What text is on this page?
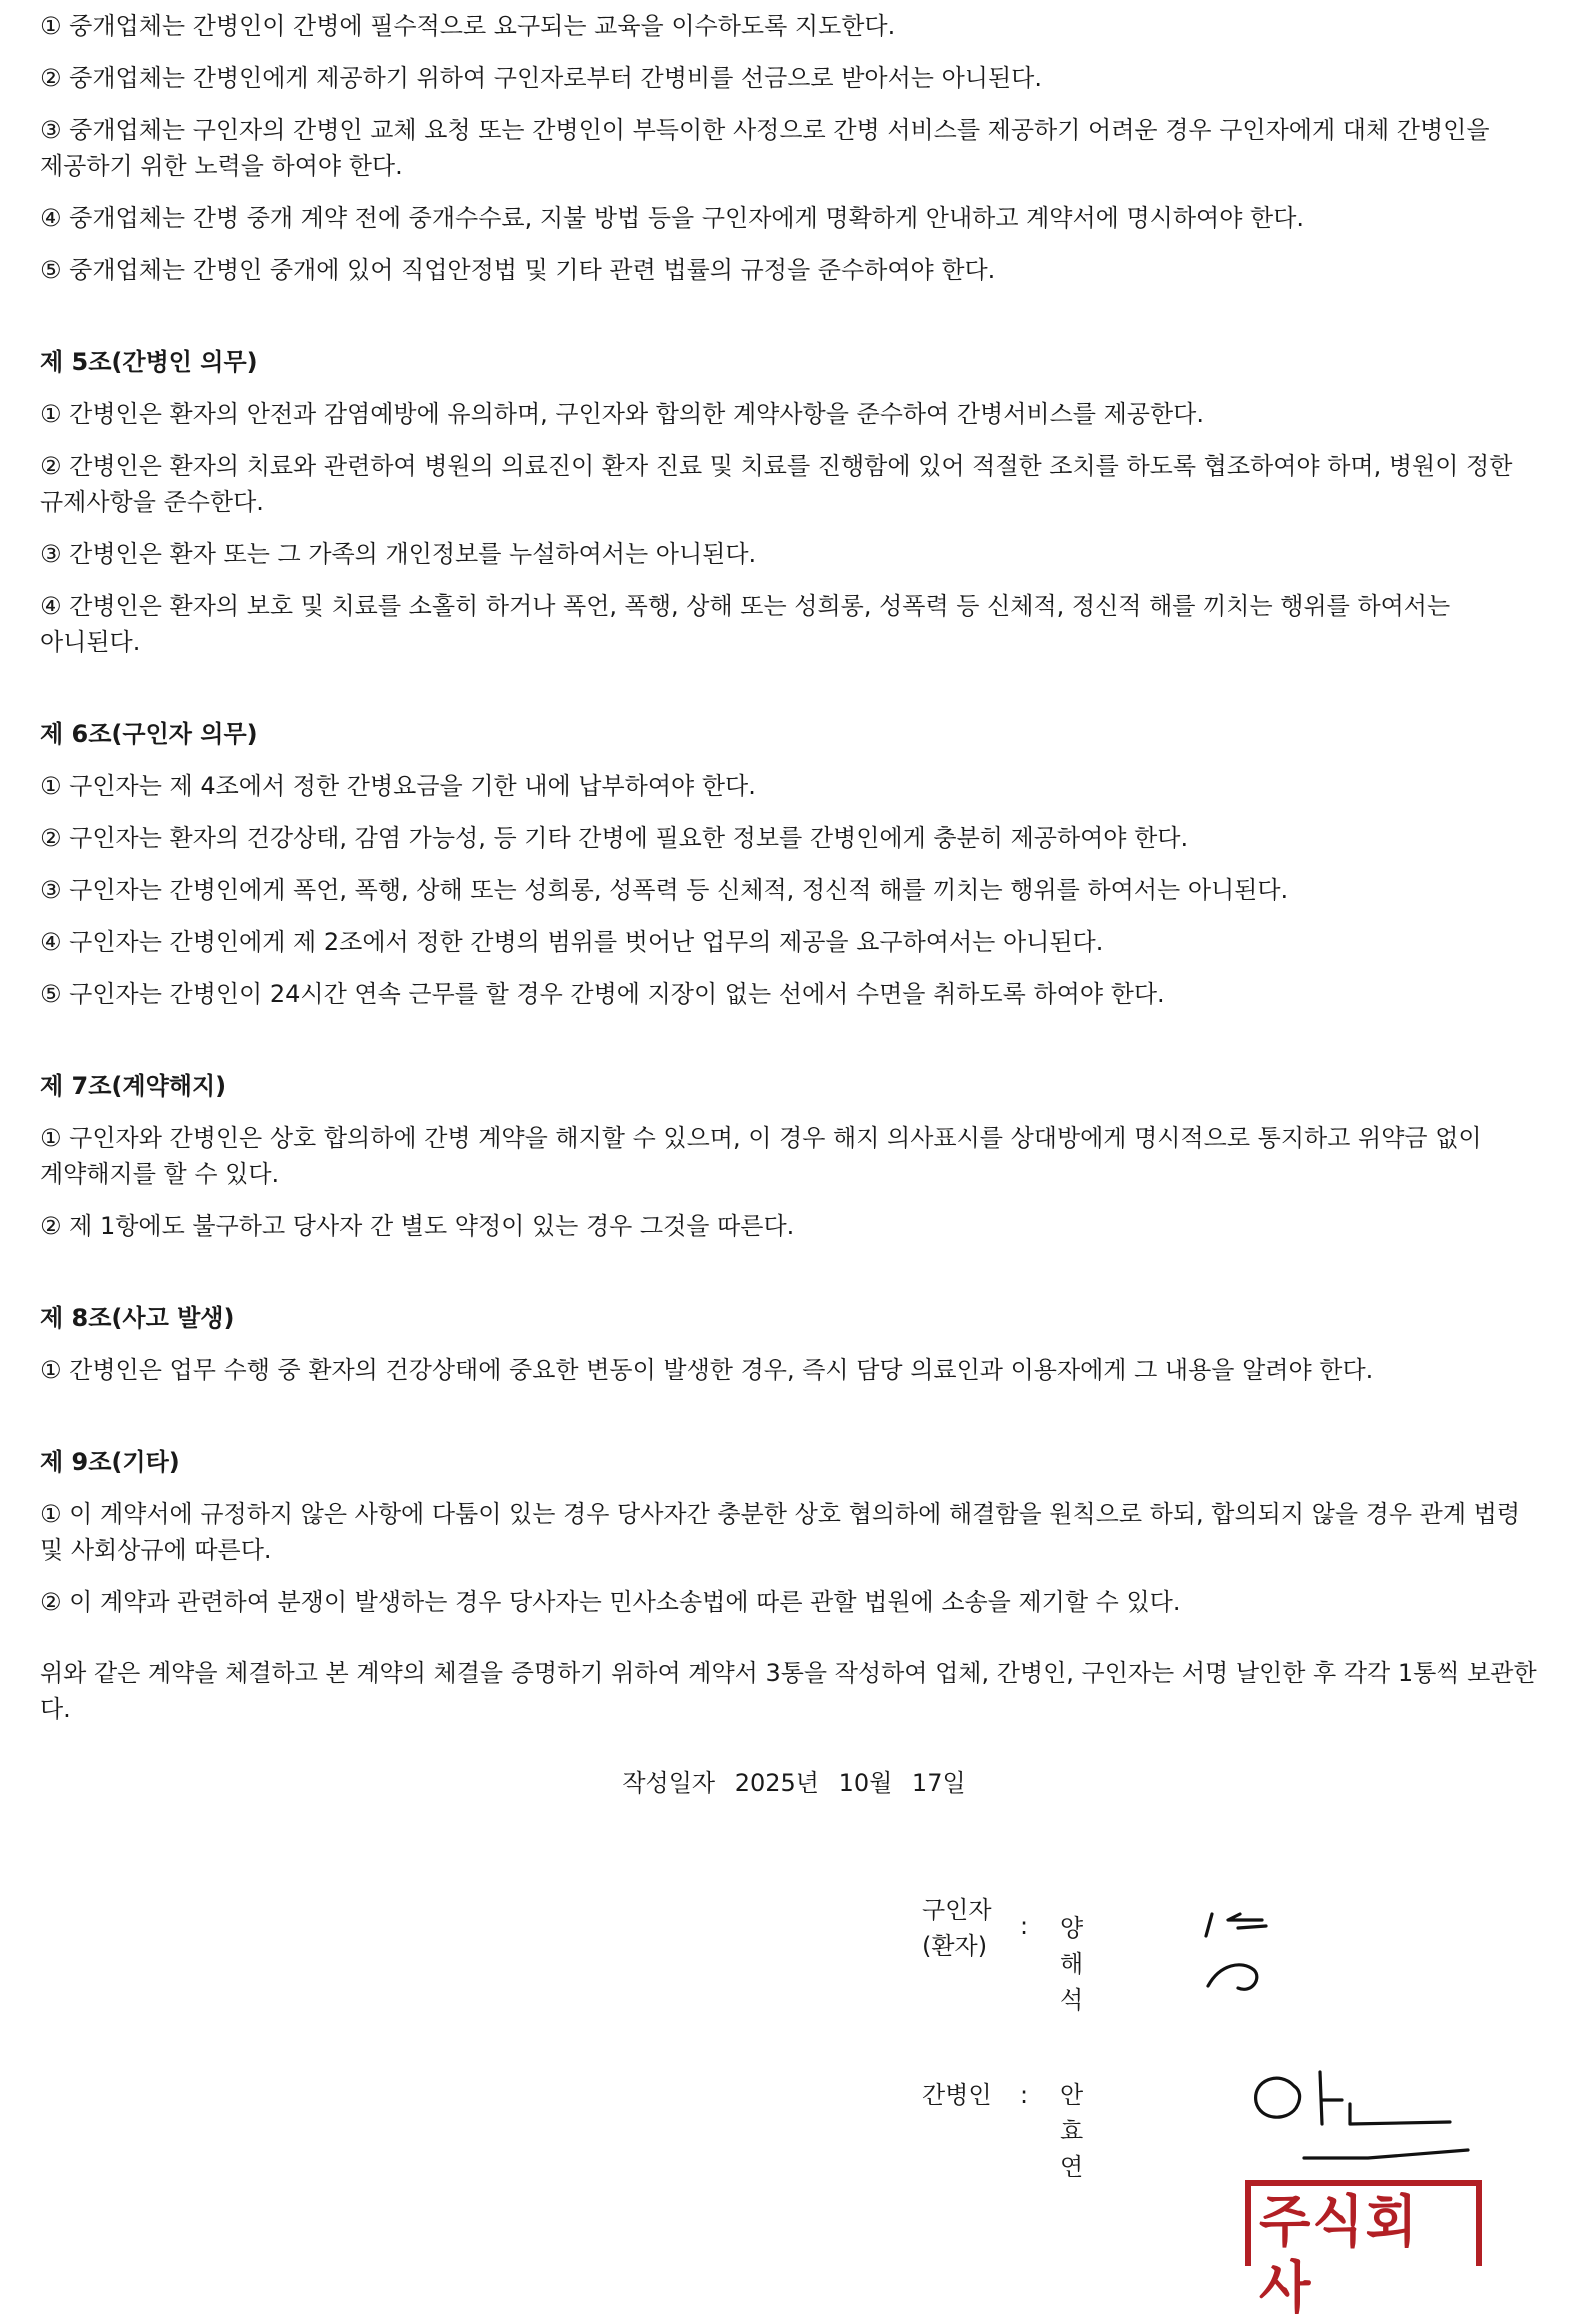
① 중개업체는 간병인이 간병에 필수적으로 요구되는 교육을 이수하도록 지도한다.

② 중개업체는 간병인에게 제공하기 위하여 구인자로부터 간병비를 선금으로 받아서는 아니된다.

③ 중개업체는 구인자의 간병인 교체 요청 또는 간병인이 부득이한 사정으로 간병 서비스를 제공하기 어려운 경우 구인자에게 대체 간병인을 제공하기 위한 노력을 하여야 한다.

④ 중개업체는 간병 중개 계약 전에 중개수수료, 지불 방법 등을 구인자에게 명확하게 안내하고 계약서에 명시하여야 한다.

⑤ 중개업체는 간병인 중개에 있어 직업안정법 및 기타 관련 법률의 규정을 준수하여야 한다.

제 5조(간병인 의무)

① 간병인은 환자의 안전과 감염예방에 유의하며, 구인자와 합의한 계약사항을 준수하여 간병서비스를 제공한다.

② 간병인은 환자의 치료와 관련하여 병원의 의료진이 환자 진료 및 치료를 진행함에 있어 적절한 조치를 하도록 협조하여야 하며, 병원이 정한 규제사항을 준수한다.

③ 간병인은 환자 또는 그 가족의 개인정보를 누설하여서는 아니된다.

④ 간병인은 환자의 보호 및 치료를 소홀히 하거나 폭언, 폭행, 상해 또는 성희롱, 성폭력 등 신체적, 정신적 해를 끼치는 행위를 하여서는 아니된다.

제 6조(구인자 의무)

① 구인자는 제 4조에서 정한 간병요금을 기한 내에 납부하여야 한다.

② 구인자는 환자의 건강상태, 감염 가능성, 등 기타 간병에 필요한 정보를 간병인에게 충분히 제공하여야 한다.

③ 구인자는 간병인에게 폭언, 폭행, 상해 또는 성희롱, 성폭력 등 신체적, 정신적 해를 끼치는 행위를 하여서는 아니된다.

④ 구인자는 간병인에게 제 2조에서 정한 간병의 범위를 벗어난 업무의 제공을 요구하여서는 아니된다.

⑤ 구인자는 간병인이 24시간 연속 근무를 할 경우 간병에 지장이 없는 선에서 수면을 취하도록 하여야 한다.

제 7조(계약해지)

① 구인자와 간병인은 상호 합의하에 간병 계약을 해지할 수 있으며, 이 경우 해지 의사표시를 상대방에게 명시적으로 통지하고 위약금 없이 계약해지를 할 수 있다.

② 제 1항에도 불구하고 당사자 간 별도 약정이 있는 경우 그것을 따른다.

제 8조(사고 발생)

① 간병인은 업무 수행 중 환자의 건강상태에 중요한 변동이 발생한 경우, 즉시 담당 의료인과 이용자에게 그 내용을 알려야 한다.

제 9조(기타)

① 이 계약서에 규정하지 않은 사항에 다툼이 있는 경우 당사자간 충분한 상호 협의하에 해결함을 원칙으로 하되, 합의되지 않을 경우 관계 법령 및 사회상규에 따른다.

② 이 계약과 관련하여 분쟁이 발생하는 경우 당사자는 민사소송법에 따른 관할 법원에 소송을 제기할 수 있다.

위와 같은 계약을 체결하고 본 계약의 체결을 증명하기 위하여 계약서 3통을 작성하여 업체, 간병인, 구인자는 서명 날인한 후 각각 1통씩 보관한다.

작성일자 2025년 10월 17일
구인자
(환자)
: 양해석
간병인	: 안효연
주식회사
